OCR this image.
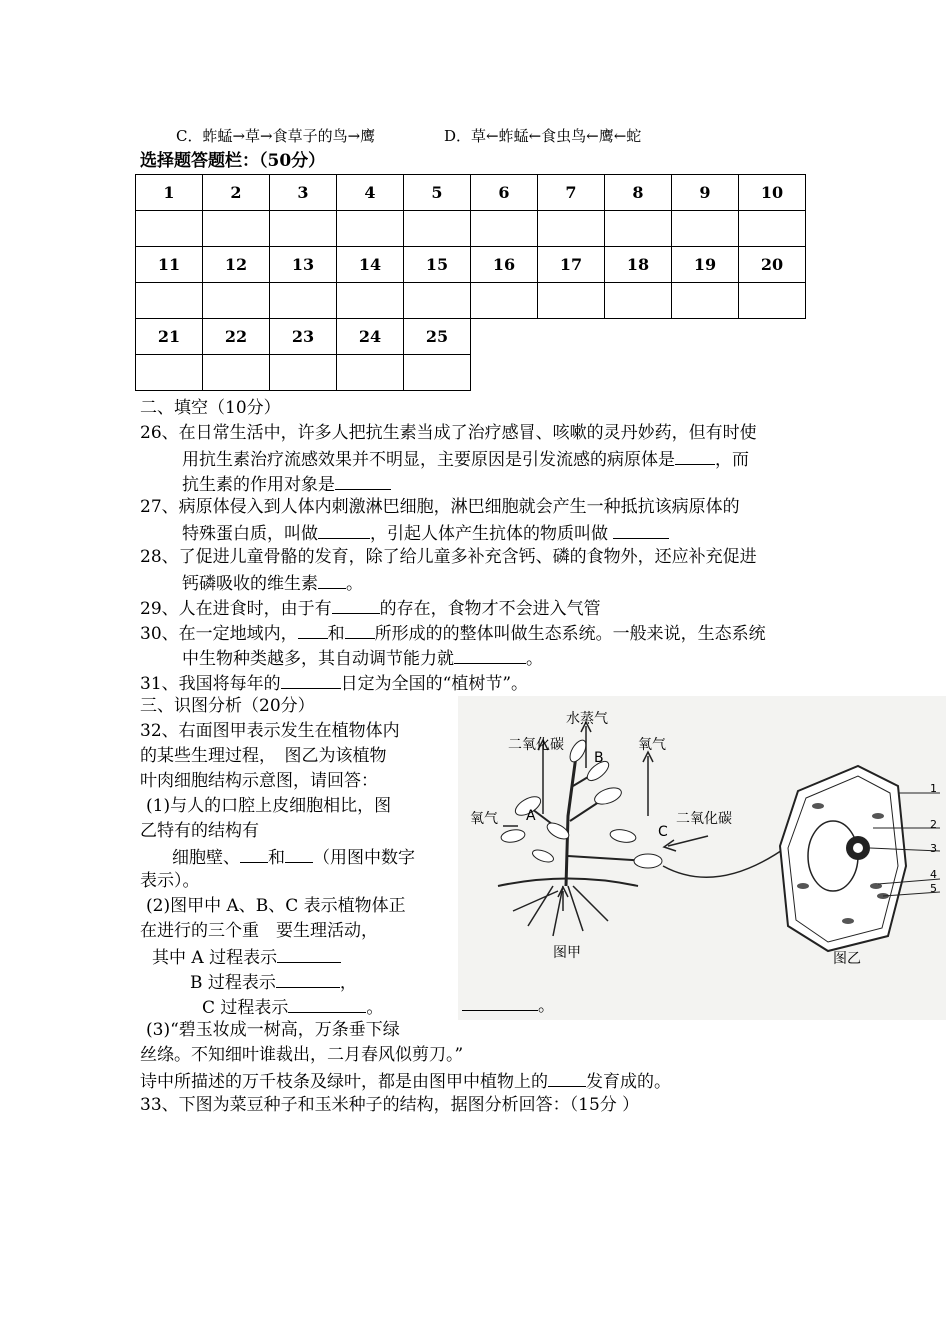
C．蚱蜢→草→食草子的鸟→鹰	D．草←蚱蜢←食虫鸟←鹰←蛇
选择题答题栏：（50分）
1	2	3	4	5	6	7	8	9	10

11	12	13	14	15	16	17	18	19	20

21	22	23	24	25					

二、填空（10分）
26、在日常生活中，许多人把抗生素当成了治疗感冒、咳嗽的灵丹妙药，但有时使
用抗生素治疗流感效果并不明显，主要原因是引发流感的病原体是 ，而
抗生素的作用对象是
27、病原体侵入到人体内刺激淋巴细胞，淋巴细胞就会产生一种抵抗该病原体的
特殊蛋白质，叫做	，引起人体产生抗体的物质叫做
28、了促进儿童骨骼的发育，除了给儿童多补充含钙、磷的食物外，还应补充促进
钙磷吸收的维生素 。
29、人在进食时，由于有	的存在，食物才不会进入气管
30、在一定地域内， 和 所形成的的整体叫做生态系统。一般来说，生态系统
中生物种类越多，其自动调节能力就	。
31、我国将每年的	日定为全国的“植树节”。
三、识图分析（20分）
32、右面图甲表示发生在植物体内
的某些生理过程，　图乙为该植物
叶肉细胞结构示意图，请回答：
(1)与人的口腔上皮细胞相比，图
乙特有的结构有
细胞壁、 和 （用图中数字
表示）。
(2)图甲中 A、B、C 表示植物体正
在进行的三个重　要生理活动，
其中 A 过程表示
B 过程表示	，
C 过程表示	。
水蒸气
二氧化碳	氧气
氧气	二氧化碳
A
B
C
图甲	图乙
1
2
3
4
5
。
(3)“碧玉妆成一树高，万条垂下绿
丝绦。不知细叶谁裁出，二月春风似剪刀。”
诗中所描述的万千枝条及绿叶，都是由图甲中植物上的 发育成的。
33、下图为菜豆种子和玉米种子的结构，据图分析回答：（15分 ）
